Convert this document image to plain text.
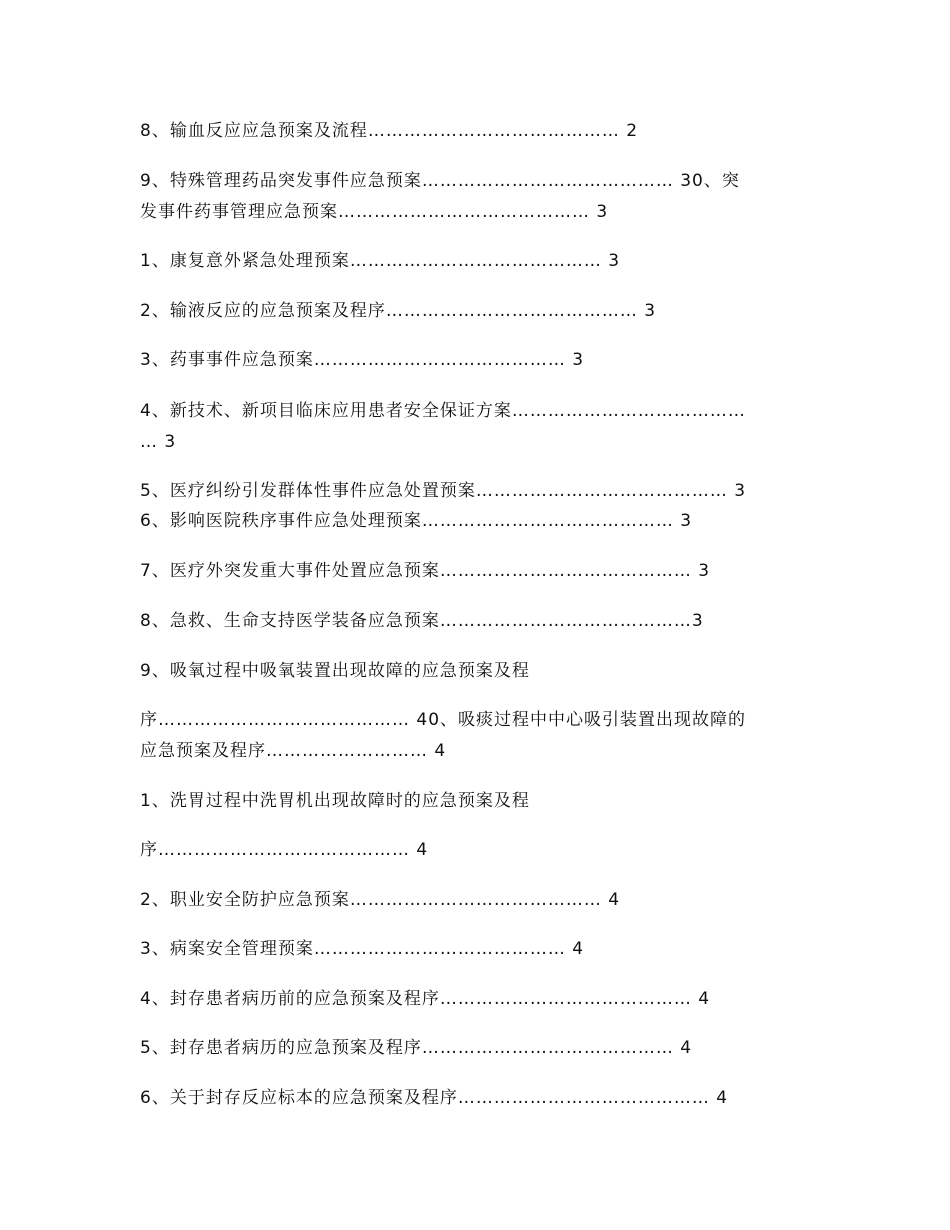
8、输血反应应急预案及流程…………………………………… 2
9、特殊管理药品突发事件应急预案…………………………………… 30、突
发事件药事管理应急预案…………………………………… 3
1、康复意外紧急处理预案…………………………………… 3
2、输液反应的应急预案及程序…………………………………… 3
3、药事事件应急预案…………………………………… 3
4、新技术、新项目临床应用患者安全保证方案…………………………………
… 3
5、医疗纠纷引发群体性事件应急处置预案…………………………………… 3
6、影响医院秩序事件应急处理预案…………………………………… 3
7、医疗外突发重大事件处置应急预案…………………………………… 3
8、急救、生命支持医学装备应急预案……………………………………3
9、吸氧过程中吸氧装置出现故障的应急预案及程
序…………………………………… 40、吸痰过程中中心吸引装置出现故障的
应急预案及程序……………………… 4
1、洗胃过程中洗胃机出现故障时的应急预案及程
序…………………………………… 4
2、职业安全防护应急预案…………………………………… 4
3、病案安全管理预案…………………………………… 4
4、封存患者病历前的应急预案及程序…………………………………… 4
5、封存患者病历的应急预案及程序…………………………………… 4
6、关于封存反应标本的应急预案及程序…………………………………… 4
